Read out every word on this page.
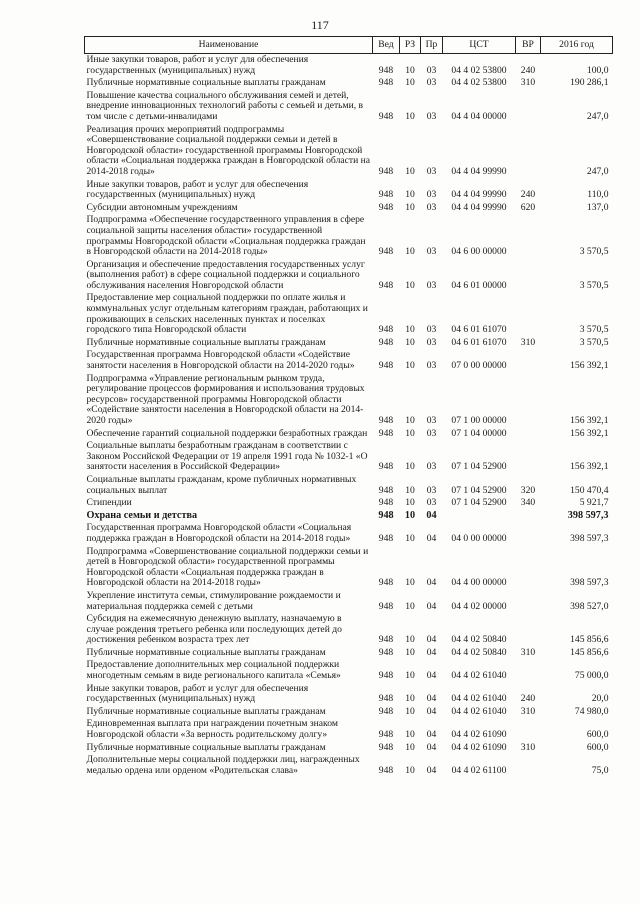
117
Наименование	Вед	РЗ	Пр	ЦСТ	ВР	2016 год
Иные закупки товаров, работ и услуг для обеспечения государственных (муниципальных) нужд	948	10	03	04 4 02 53800	240	100,0
Публичные нормативные социальные выплаты гражданам	948	10	03	04 4 02 53800	310	190 286,1
Повышение качества социального обслуживания семей и детей, внедрение инновационных технологий работы с семьей и детьми, в том числе с детьми-инвалидами	948	10	03	04 4 04 00000		247,0
Реализация прочих мероприятий подпрограммы «Совершенствование социальной поддержки семьи и детей в Новгородской области» государственной программы Новгородской области «Социальная поддержка граждан в Новгородской области на 2014-2018 годы»	948	10	03	04 4 04 99990		247,0
Иные закупки товаров, работ и услуг для обеспечения государственных (муниципальных) нужд	948	10	03	04 4 04 99990	240	110,0
Субсидии автономным учреждениям	948	10	03	04 4 04 99990	620	137,0
Подпрограмма «Обеспечение государственного управления в сфере социальной защиты населения области» государственной программы Новгородской области «Социальная поддержка граждан в Новгородской области на 2014-2018 годы»	948	10	03	04 6 00 00000		3 570,5
Организация и обеспечение предоставления государственных услуг (выполнения работ) в сфере социальной поддержки и социального обслуживания населения Новгородской области	948	10	03	04 6 01 00000		3 570,5
Предоставление мер социальной поддержки по оплате жилья и коммунальных услуг отдельным категориям граждан, работающих и проживающих в сельских населенных пунктах и поселках городского типа Новгородской области	948	10	03	04 6 01 61070		3 570,5
Публичные нормативные социальные выплаты гражданам	948	10	03	04 6 01 61070	310	3 570,5
Государственная программа Новгородской области «Содействие занятости населения в Новгородской области на 2014-2020 годы»	948	10	03	07 0 00 00000		156 392,1
Подпрограмма «Управление региональным рынком труда, регулирование процессов формирования и использования трудовых ресурсов» государственной программы Новгородской области «Содействие занятости населения в Новгородской области на 2014-2020 годы»	948	10	03	07 1 00 00000		156 392,1
Обеспечение гарантий социальной поддержки безработных граждан	948	10	03	07 1 04 00000		156 392,1
Социальные выплаты безработным гражданам в соответствии с Законом Российской Федерации от 19 апреля 1991 года № 1032-1 «О занятости населения в Российской Федерации»	948	10	03	07 1 04 52900		156 392,1
Социальные выплаты гражданам, кроме публичных нормативных социальных выплат	948	10	03	07 1 04 52900	320	150 470,4
Стипендии	948	10	03	07 1 04 52900	340	5 921,7
Охрана семьи и детства	948	10	04			398 597,3
Государственная программа Новгородской области «Социальная поддержка граждан в Новгородской области на 2014-2018 годы»	948	10	04	04 0 00 00000		398 597,3
Подпрограмма «Совершенствование социальной поддержки семьи и детей в Новгородской области» государственной программы Новгородской области «Социальная поддержка граждан в Новгородской области на 2014-2018 годы»	948	10	04	04 4 00 00000		398 597,3
Укрепление института семьи, стимулирование рождаемости и материальная поддержка семей с детьми	948	10	04	04 4 02 00000		398 527,0
Субсидия на ежемесячную денежную выплату, назначаемую в случае рождения третьего ребенка или последующих детей до достижения ребенком возраста трех лет	948	10	04	04 4 02 50840		145 856,6
Публичные нормативные социальные выплаты гражданам	948	10	04	04 4 02 50840	310	145 856,6
Предоставление дополнительных мер социальной поддержки многодетным семьям в виде регионального капитала «Семья»	948	10	04	04 4 02 61040		75 000,0
Иные закупки товаров, работ и услуг для обеспечения государственных (муниципальных) нужд	948	10	04	04 4 02 61040	240	20,0
Публичные нормативные социальные выплаты гражданам	948	10	04	04 4 02 61040	310	74 980,0
Единовременная выплата при награждении почетным знаком Новгородской области «За верность родительскому долгу»	948	10	04	04 4 02 61090		600,0
Публичные нормативные социальные выплаты гражданам	948	10	04	04 4 02 61090	310	600,0
Дополнительные меры социальной поддержки лиц, награжденных медалью ордена или орденом «Родительская слава»	948	10	04	04 4 02 61100		75,0
